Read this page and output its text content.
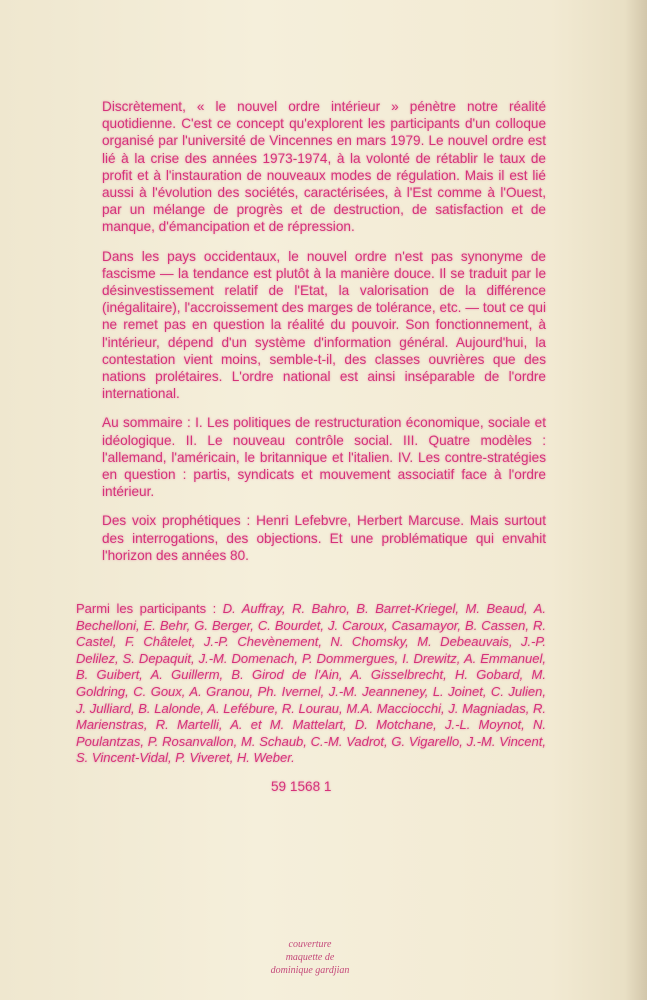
Discrètement, « le nouvel ordre intérieur » pénètre notre réalité quotidienne. C'est ce concept qu'explorent les participants d'un colloque organisé par l'université de Vincennes en mars 1979. Le nouvel ordre est lié à la crise des années 1973-1974, à la volonté de rétablir le taux de profit et à l'instauration de nouveaux modes de régulation. Mais il est lié aussi à l'évolution des sociétés, caractérisées, à l'Est comme à l'Ouest, par un mélange de progrès et de destruction, de satisfaction et de manque, d'émancipation et de répression.

Dans les pays occidentaux, le nouvel ordre n'est pas synonyme de fascisme — la tendance est plutôt à la manière douce. Il se traduit par le désinvestissement relatif de l'Etat, la valorisation de la différence (inégalitaire), l'accroissement des marges de tolérance, etc. — tout ce qui ne remet pas en question la réalité du pouvoir. Son fonctionnement, à l'intérieur, dépend d'un système d'information général. Aujourd'hui, la contestation vient moins, semble-t-il, des classes ouvrières que des nations prolétaires. L'ordre national est ainsi inséparable de l'ordre international.

Au sommaire : I. Les politiques de restructuration économique, sociale et idéologique. II. Le nouveau contrôle social. III. Quatre modèles : l'allemand, l'américain, le britannique et l'italien. IV. Les contre-stratégies en question : partis, syndicats et mouvement associatif face à l'ordre intérieur.

Des voix prophétiques : Henri Lefebvre, Herbert Marcuse. Mais surtout des interrogations, des objections. Et une problématique qui envahit l'horizon des années 80.

Parmi les participants : D. Auffray, R. Bahro, B. Barret-Kriegel, M. Beaud, A. Bechelloni, E. Behr, G. Berger, C. Bourdet, J. Caroux, Casamayor, B. Cassen, R. Castel, F. Châtelet, J.-P. Chevènement, N. Chomsky, M. Debeauvais, J.-P. Delilez, S. Depaquit, J.-M. Domenach, P. Dommergues, I. Drewitz, A. Emmanuel, B. Guibert, A. Guillerm, B. Girod de l'Ain, A. Gisselbrecht, H. Gobard, M. Goldring, C. Goux, A. Granou, Ph. Ivernel, J.-M. Jeanneney, L. Joinet, C. Julien, J. Julliard, B. Lalonde, A. Lefébure, R. Lourau, M.A. Macciocchi, J. Magniadas, R. Marienstras, R. Martelli, A. et M. Mattelart, D. Motchane, J.-L. Moynot, N. Poulantzas, P. Rosanvallon, M. Schaub, C.-M. Vadrot, G. Vigarello, J.-M. Vincent, S. Vincent-Vidal, P. Viveret, H. Weber.
59 1568 1
couverture
maquette de
dominique gardjian
